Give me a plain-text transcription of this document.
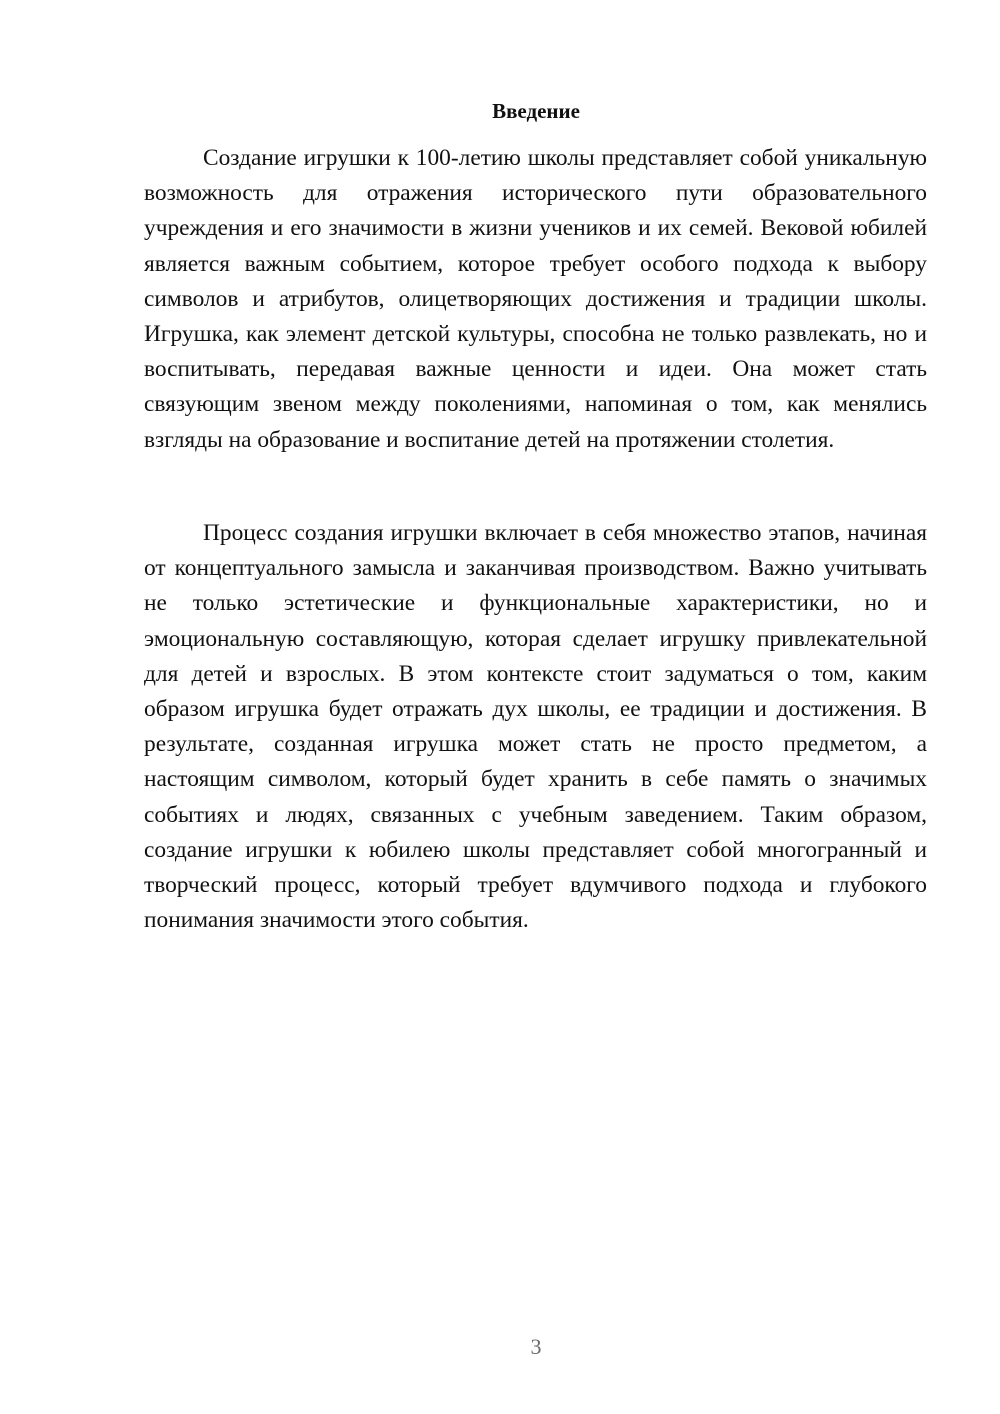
Введение

Создание игрушки к 100-летию школы представляет собой уникальную возможность для отражения исторического пути образовательного учреждения и его значимости в жизни учеников и их семей. Вековой юбилей является важным событием, которое требует особого подхода к выбору символов и атрибутов, олицетворяющих достижения и традиции школы. Игрушка, как элемент детской культуры, способна не только развлекать, но и воспитывать, передавая важные ценности и идеи. Она может стать связующим звеном между поколениями, напоминая о том, как менялись взгляды на образование и воспитание детей на протяжении столетия.

Процесс создания игрушки включает в себя множество этапов, начиная от концептуального замысла и заканчивая производством. Важно учитывать не только эстетические и функциональные характеристики, но и эмоциональную составляющую, которая сделает игрушку привлекательной для детей и взрослых. В этом контексте стоит задуматься о том, каким образом игрушка будет отражать дух школы, ее традиции и достижения. В результате, созданная игрушка может стать не просто предметом, а настоящим символом, который будет хранить в себе память о значимых событиях и людях, связанных с учебным заведением. Таким образом, создание игрушки к юбилею школы представляет собой многогранный и творческий процесс, который требует вдумчивого подхода и глубокого понимания значимости этого события.

3
